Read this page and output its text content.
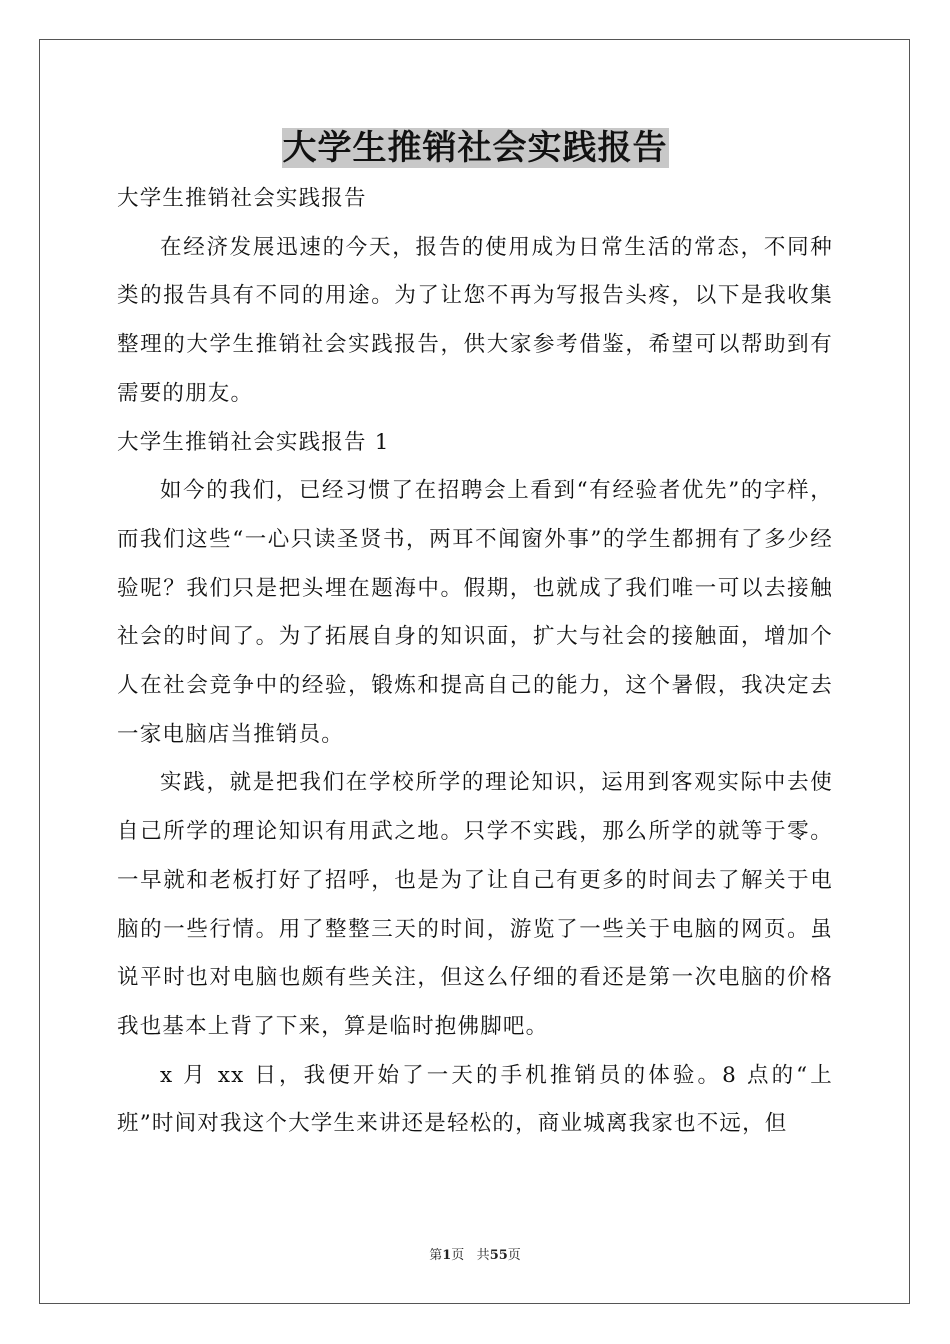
大学生推销社会实践报告

大学生推销社会实践报告

在经济发展迅速的今天，报告的使用成为日常生活的常态，不同种类的报告具有不同的用途。为了让您不再为写报告头疼，以下是我收集整理的大学生推销社会实践报告，供大家参考借鉴，希望可以帮助到有需要的朋友。

大学生推销社会实践报告 1

如今的我们，已经习惯了在招聘会上看到“有经验者优先”的字样，而我们这些“一心只读圣贤书，两耳不闻窗外事”的学生都拥有了多少经验呢？我们只是把头埋在题海中。假期，也就成了我们唯一可以去接触社会的时间了。为了拓展自身的知识面，扩大与社会的接触面，增加个人在社会竞争中的经验，锻炼和提高自己的能力，这个暑假，我决定去一家电脑店当推销员。

实践，就是把我们在学校所学的理论知识，运用到客观实际中去使自己所学的理论知识有用武之地。只学不实践，那么所学的就等于零。一早就和老板打好了招呼，也是为了让自己有更多的时间去了解关于电脑的一些行情。用了整整三天的时间，游览了一些关于电脑的网页。虽说平时也对电脑也颇有些关注，但这么仔细的看还是第一次电脑的价格我也基本上背了下来，算是临时抱佛脚吧。

x 月 xx 日，我便开始了一天的手机推销员的体验。8 点的“上班”时间对我这个大学生来讲还是轻松的，商业城离我家也不远，但

第1页 共55页
